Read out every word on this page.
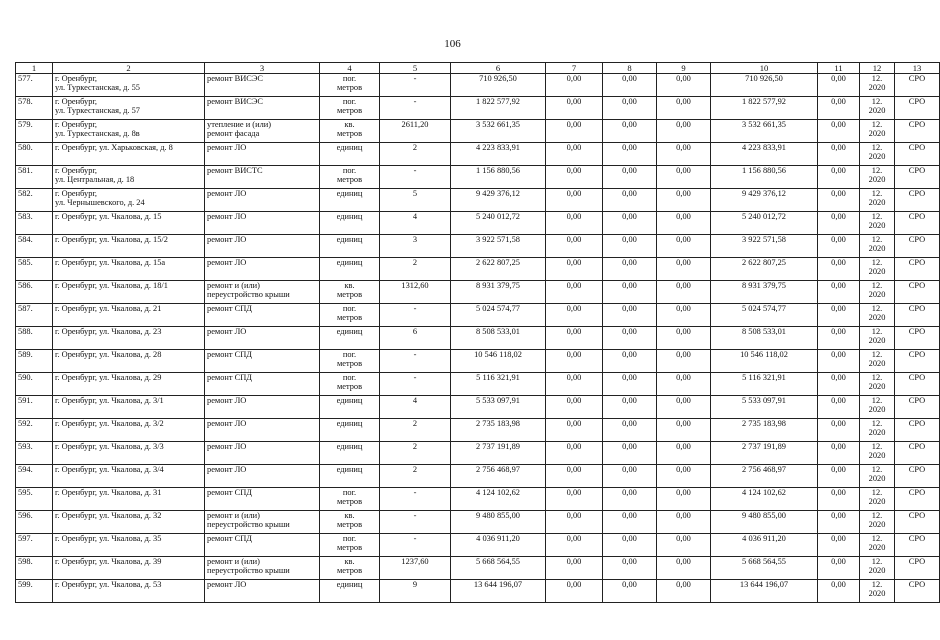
106
1	2	3	4	5	6	7	8	9	10	11	12	13
577.	г. Оренбург,
ул. Туркестанская, д. 55	ремонт ВИСЭС	пог.
метров	-	710 926,50	0,00	0,00	0,00	710 926,50	0,00	12.
2020	СРО
578.	г. Оренбург,
ул. Туркестанская, д. 57	ремонт ВИСЭС	пог.
метров	-	1 822 577,92	0,00	0,00	0,00	1 822 577,92	0,00	12.
2020	СРО
579.	г. Оренбург,
ул. Туркестанская, д. 8в	утепление и (или)
ремонт фасада	кв.
метров	2611,20	3 532 661,35	0,00	0,00	0,00	3 532 661,35	0,00	12.
2020	СРО
580.	г. Оренбург, ул. Харьковская, д. 8	ремонт ЛО	единиц	2	4 223 833,91	0,00	0,00	0,00	4 223 833,91	0,00	12.
2020	СРО
581.	г. Оренбург,
ул. Центральная, д. 18	ремонт ВИСТС	пог.
метров	-	1 156 880,56	0,00	0,00	0,00	1 156 880,56	0,00	12.
2020	СРО
582.	г. Оренбург,
ул. Чернышевского, д. 24	ремонт ЛО	единиц	5	9 429 376,12	0,00	0,00	0,00	9 429 376,12	0,00	12.
2020	СРО
583.	г. Оренбург, ул. Чкалова, д. 15	ремонт ЛО	единиц	4	5 240 012,72	0,00	0,00	0,00	5 240 012,72	0,00	12.
2020	СРО
584.	г. Оренбург, ул. Чкалова, д. 15/2	ремонт ЛО	единиц	3	3 922 571,58	0,00	0,00	0,00	3 922 571,58	0,00	12.
2020	СРО
585.	г. Оренбург, ул. Чкалова, д. 15а	ремонт ЛО	единиц	2	2 622 807,25	0,00	0,00	0,00	2 622 807,25	0,00	12.
2020	СРО
586.	г. Оренбург, ул. Чкалова, д. 18/1	ремонт и (или)
переустройство крыши	кв.
метров	1312,60	8 931 379,75	0,00	0,00	0,00	8 931 379,75	0,00	12.
2020	СРО
587.	г. Оренбург, ул. Чкалова, д. 21	ремонт СПД	пог.
метров	-	5 024 574,77	0,00	0,00	0,00	5 024 574,77	0,00	12.
2020	СРО
588.	г. Оренбург, ул. Чкалова, д. 23	ремонт ЛО	единиц	6	8 508 533,01	0,00	0,00	0,00	8 508 533,01	0,00	12.
2020	СРО
589.	г. Оренбург, ул. Чкалова, д. 28	ремонт СПД	пог.
метров	-	10 546 118,02	0,00	0,00	0,00	10 546 118,02	0,00	12.
2020	СРО
590.	г. Оренбург, ул. Чкалова, д. 29	ремонт СПД	пог.
метров	-	5 116 321,91	0,00	0,00	0,00	5 116 321,91	0,00	12.
2020	СРО
591.	г. Оренбург, ул. Чкалова, д. 3/1	ремонт ЛО	единиц	4	5 533 097,91	0,00	0,00	0,00	5 533 097,91	0,00	12.
2020	СРО
592.	г. Оренбург, ул. Чкалова, д. 3/2	ремонт ЛО	единиц	2	2 735 183,98	0,00	0,00	0,00	2 735 183,98	0,00	12.
2020	СРО
593.	г. Оренбург, ул. Чкалова, д. 3/3	ремонт ЛО	единиц	2	2 737 191,89	0,00	0,00	0,00	2 737 191,89	0,00	12.
2020	СРО
594.	г. Оренбург, ул. Чкалова, д. 3/4	ремонт ЛО	единиц	2	2 756 468,97	0,00	0,00	0,00	2 756 468,97	0,00	12.
2020	СРО
595.	г. Оренбург, ул. Чкалова, д. 31	ремонт СПД	пог.
метров	-	4 124 102,62	0,00	0,00	0,00	4 124 102,62	0,00	12.
2020	СРО
596.	г. Оренбург, ул. Чкалова, д. 32	ремонт и (или)
переустройство крыши	кв.
метров	-	9 480 855,00	0,00	0,00	0,00	9 480 855,00	0,00	12.
2020	СРО
597.	г. Оренбург, ул. Чкалова, д. 35	ремонт СПД	пог.
метров	-	4 036 911,20	0,00	0,00	0,00	4 036 911,20	0,00	12.
2020	СРО
598.	г. Оренбург, ул. Чкалова, д. 39	ремонт и (или)
переустройство крыши	кв.
метров	1237,60	5 668 564,55	0,00	0,00	0,00	5 668 564,55	0,00	12.
2020	СРО
599.	г. Оренбург, ул. Чкалова, д. 53	ремонт ЛО	единиц	9	13 644 196,07	0,00	0,00	0,00	13 644 196,07	0,00	12.
2020	СРО
